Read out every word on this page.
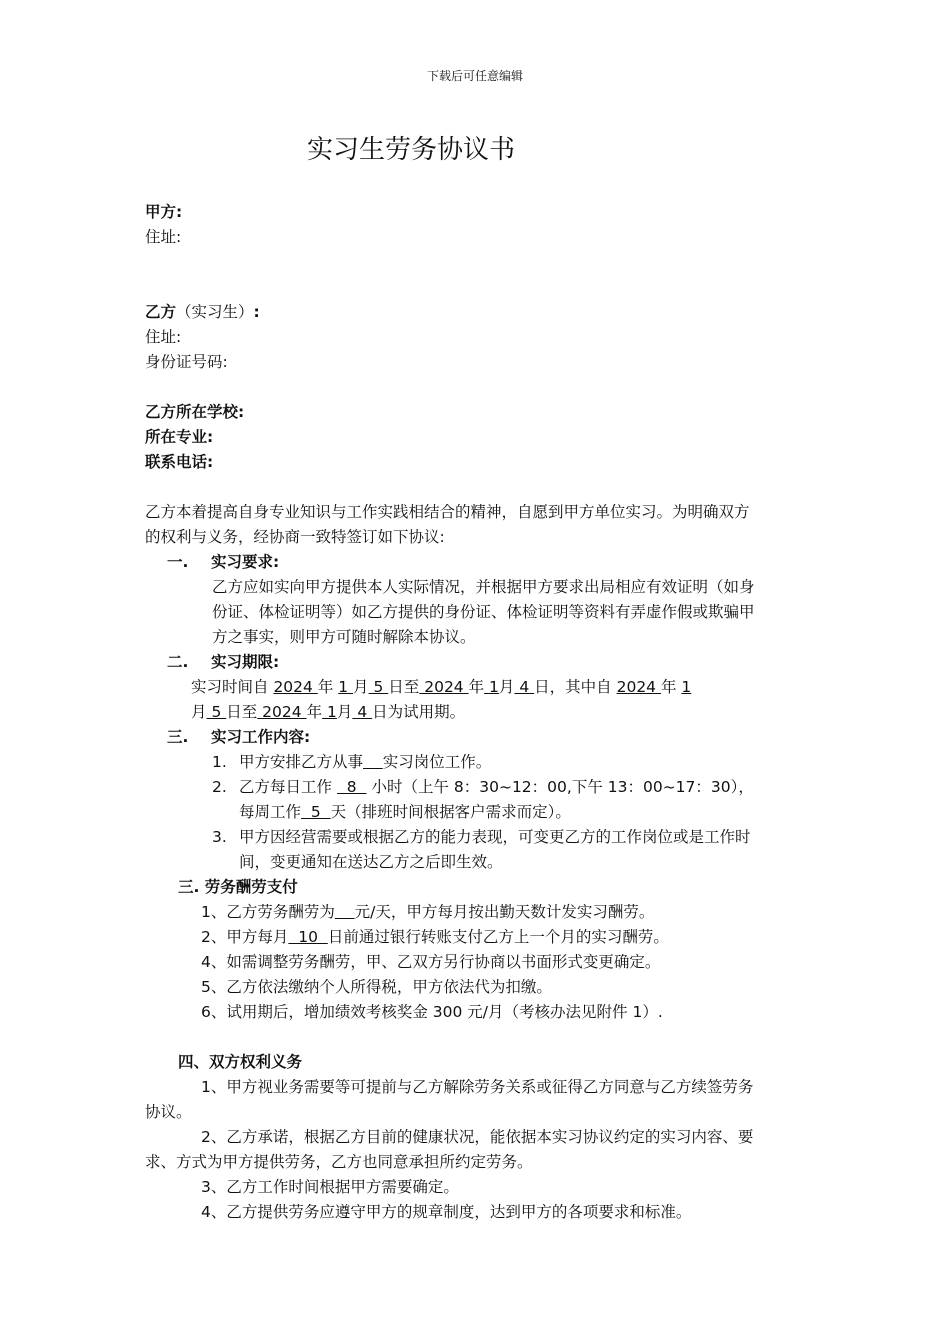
下载后可任意编辑
实习生劳务协议书
甲方:
住址:
乙方（实习生）:
住址:
身份证号码:
乙方所在学校:
所在专业:
联系电话:
乙方本着提高自身专业知识与工作实践相结合的精神，自愿到甲方单位实习。为明确双方
的权利与义务，经协商一致特签订如下协议:
一. 实习要求:
乙方应如实向甲方提供本人实际情况，并根据甲方要求出局相应有效证明（如身
份证、体检证明等）如乙方提供的身份证、体检证明等资料有弄虚作假或欺骗甲
方之事实，则甲方可随时解除本协议。
二. 实习期限:
实习时间自 2024 年 1 月 5 日至 2024 年 1月 4 日，其中自 2024 年 1
月 5 日至 2024 年 1月 4 日为试用期。
三. 实习工作内容:
1. 甲方安排乙方从事 实习岗位工作。
2. 乙方每日工作   8   小时（上午 8：30~12：00,下午 13：00~17：30），
每周工作  5  天（排班时间根据客户需求而定）。
3. 甲方因经营需要或根据乙方的能力表现，可变更乙方的工作岗位或是工作时
间，变更通知在送达乙方之后即生效。
三. 劳务酬劳支付
1、乙方劳务酬劳为 元/天，甲方每月按出勤天数计发实习酬劳。
2、甲方每月  10  日前通过银行转账支付乙方上一个月的实习酬劳。
4、如需调整劳务酬劳，甲、乙双方另行协商以书面形式变更确定。
5、乙方依法缴纳个人所得税，甲方依法代为扣缴。
6、试用期后，增加绩效考核奖金 300 元/月（考核办法见附件 1）.
四、双方权利义务
1、甲方视业务需要等可提前与乙方解除劳务关系或征得乙方同意与乙方续签劳务
协议。
2、乙方承诺，根据乙方目前的健康状况，能依据本实习协议约定的实习内容、要
求、方式为甲方提供劳务，乙方也同意承担所约定劳务。
3、乙方工作时间根据甲方需要确定。
4、乙方提供劳务应遵守甲方的规章制度，达到甲方的各项要求和标准。
